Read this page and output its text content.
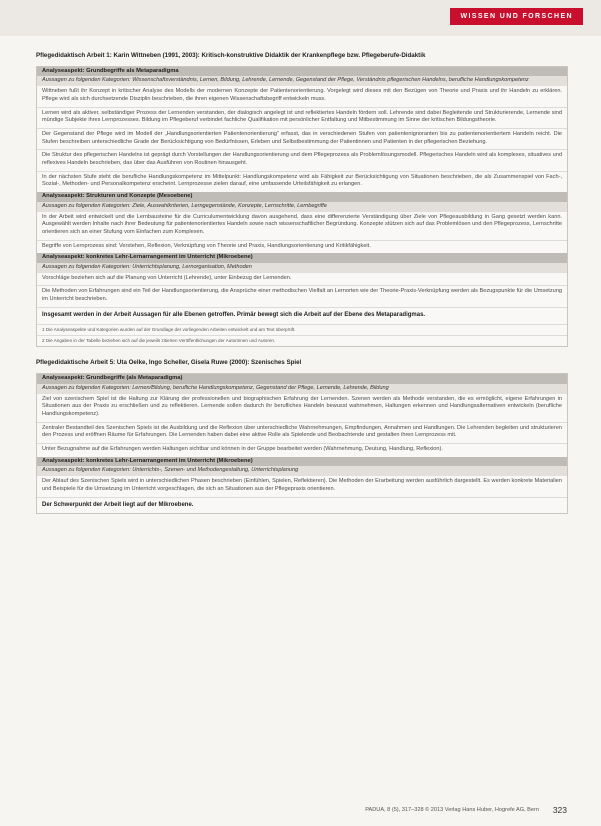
WISSEN UND FORSCHEN
Pflegedidaktisch Arbeit 1: Karin Wittneben (1991, 2003): Kritisch-konstruktive Didaktik der Krankenpflege bzw. Pflegeberufe-Didaktik
Analyseaspekt: Grundbegriffe als Metaparadigma
Aussagen zu folgenden Kategorien: Wissenschaftsverständnis, Lernen, Bildung, Lehrende, Lernende, Gegenstand der Pflege, Verständnis pflegerischen Handelns, berufliche Handlungskompetenz
Wittneben fußt ihr Konzept in kritischer Analyse des Modells der modernen Konzepte der Patientenorientierung. Vorgelegt wird dieses mit den Bezügen von Theorie und Praxis und ihr Handeln zu erklären. Pflege wird als sich durchsetzende Disziplin beschrieben, die ihren eigenen Wissenschaftsbegriff entwickeln muss.
Lernen wird als aktiver, selbständiger Prozess der Lernenden verstanden, der dialogisch angelegt ist und reflektiertes Handeln fördern soll. Lehrende sind dabei Begleitende und Strukturierende, Lernende sind mündige Subjekte ihres Lernprozesses. Bildung im Pflegeberuf verbindet fachliche Qualifikation mit persönlicher Entfaltung und Mitbestimmung im Sinne der kritischen Bildungstheorie.
Der Gegenstand der Pflege wird im Modell der „Handlungsorientierten Patientenorientierung“ erfasst, das in verschiedenen Stufen von patientenignoranten bis zu patientenorientiertem Handeln reicht. Die Stufen beschreiben unterschiedliche Grade der Berücksichtigung von Bedürfnissen, Erleben und Selbstbestimmung der Patientinnen und Patienten in der pflegerischen Beziehung.
Die Struktur des pflegerischen Handelns ist geprägt durch Vorstellungen der Handlungsorientierung und dem Pflegeprozess als Problemlösungsmodell. Pflegerisches Handeln wird als komplexes, situatives und reflexives Handeln beschrieben, das über das Ausführen von Routinen hinausgeht.
In der nächsten Stufe steht die berufliche Handlungskompetenz im Mittelpunkt: Handlungskompetenz wird als Fähigkeit zur Berücksichtigung von Situationen beschrieben, die als Zusammenspiel von Fach-, Sozial-, Methoden- und Personalkompetenz erscheint. Lernprozesse zielen darauf, eine umfassende Urteilsfähigkeit zu erlangen.
Analyseaspekt: Strukturen und Konzepte (Mesoebene)
Aussagen zu folgenden Kategorien: Ziele, Auswahlkriterien, Lerngegenstände, Konzepte, Lernschritte, Lernbegriffe
In der Arbeit wird entwickelt und die Lernbausteine für die Curriculumentwicklung davon ausgehend, dass eine differenzierte Verständigung über Ziele von Pflegeausbildung in Gang gesetzt werden kann. Ausgewählt werden Inhalte nach ihrer Bedeutung für patientenorientiertes Handeln sowie nach wissenschaftlicher Begründung. Konzepte stützen sich auf das Problemlösen und den Pflegeprozess, Lernschritte orientieren sich an einer Stufung vom Einfachen zum Komplexen.
Begriffe von Lernprozess sind: Verstehen, Reflexion, Verknüpfung von Theorie und Praxis, Handlungsorientierung und Kritikfähigkeit.
Analyseaspekt: konkretes Lehr-Lernarrangement im Unterricht (Mikroebene)
Aussagen zu folgenden Kategorien: Unterrichtsplanung, Lernorganisation, Methoden
Vorschläge beziehen sich auf die Planung von Unterricht (Lehrende), unter Einbezug der Lernenden.
Die Methoden von Erfahrungen sind ein Teil der Handlungsorientierung, die Ansprüche einer methodischen Vielfalt an Lernorten wie der Theorie-Praxis-Verknüpfung werden als Bezugspunkte für die Umsetzung im Unterricht beschrieben.
Insgesamt werden in der Arbeit Aussagen für alle Ebenen getroffen. Primär bewegt sich die Arbeit auf der Ebene des Metaparadigmas.
1 Die Analyseaspekte und Kategorien wurden auf der Grundlage der vorliegenden Arbeiten entwickelt und am Text überprüft.
2 Die Angaben in der Tabelle beziehen sich auf die jeweils zitierten Veröffentlichungen der Autorinnen und Autoren.
Pflegedidaktische Arbeit 5: Uta Oelke, Ingo Scheller, Gisela Ruwe (2000): Szenisches Spiel
Analyseaspekt: Grundbegriffe (als Metaparadigma)
Aussagen zu folgenden Kategorien: Lernen/Bildung, berufliche Handlungskompetenz, Gegenstand der Pflege, Lernende, Lehrende, Bildung
Ziel von szenischem Spiel ist die Haltung zur Klärung der professionellen und biographischen Erfahrung der Lernenden. Szenen werden als Methode verstanden, die es ermöglicht, eigene Erfahrungen in Situationen aus der Praxis zu erschließen und zu reflektieren. Lernende sollen dadurch ihr berufliches Handeln bewusst wahrnehmen, Haltungen erkennen und Handlungsalternativen entwickeln (berufliche Handlungskompetenz).
Zentraler Bestandteil des Szenischen Spiels ist die Ausbildung und die Reflexion über unterschiedliche Wahrnehmungen, Empfindungen, Annahmen und Handlungen. Die Lehrenden begleiten und strukturieren den Prozess und eröffnen Räume für Erfahrungen. Die Lernenden haben dabei eine aktive Rolle als Spielende und Beobachtende und gestalten ihren Lernprozess mit.
Unter Bezugnahme auf die Erfahrungen werden Haltungen sichtbar und können in der Gruppe bearbeitet werden (Wahrnehmung, Deutung, Handlung, Reflexion).
Analyseaspekt: konkretes Lehr-Lernarrangement im Unterricht (Mikroebene)
Aussagen zu folgenden Kategorien: Unterrichts-, Szenen- und Methodengestaltung, Unterrichtsplanung
Der Ablauf des Szenischen Spiels wird in unterschiedlichen Phasen beschrieben (Einfühlen, Spielen, Reflektieren). Die Methoden der Erarbeitung werden ausführlich dargestellt. Es werden konkrete Materialien und Beispiele für die Umsetzung im Unterricht vorgeschlagen, die sich an Situationen aus der Pflegepraxis orientieren.
Der Schwerpunkt der Arbeit liegt auf der Mikroebene.
PADUA, 8 (5), 317–328 © 2013 Verlag Hans Huber, Hogrefe AG, Bern 323
